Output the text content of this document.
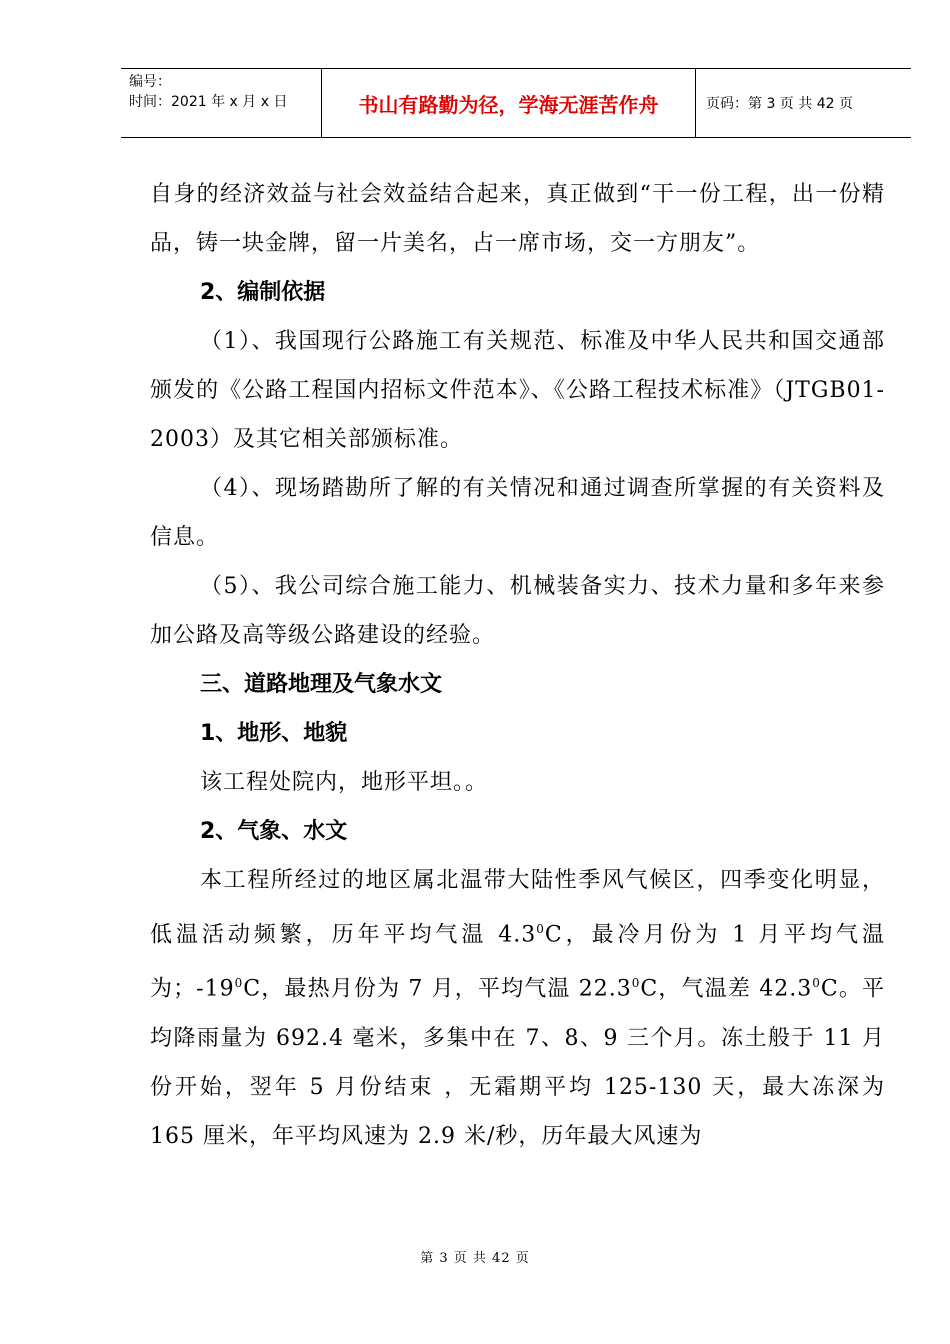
编号：
时间：2021 年 x 月 x 日	书山有路勤为径，学海无涯苦作舟	页码：第 3 页 共 42 页

自身的经济效益与社会效益结合起来，真正做到“干一份工程，出一份精品，铸一块金牌，留一片美名，占一席市场，交一方朋友”。

2、编制依据

（1）、我国现行公路施工有关规范、标准及中华人民共和国交通部颁发的《公路工程国内招标文件范本》、《公路工程技术标准》（JTGB01-2003）及其它相关部颁标准。

（4）、现场踏勘所了解的有关情况和通过调查所掌握的有关资料及信息。

（5）、我公司综合施工能力、机械装备实力、技术力量和多年来参加公路及高等级公路建设的经验。

三、道路地理及气象水文

1、地形、地貌

该工程处院内，地形平坦。。

2、气象、水文

本工程所经过的地区属北温带大陆性季风气候区，四季变化明显，低温活动频繁，历年平均气温 $4.3^0C$，最冷月份为 1 月平均气温为；$-19^0C$，最热月份为 7 月，平均气温 22.3$^0$C，气温差 42.3$^0$C。平均降雨量为 692.4 毫米，多集中在 7、8、9 三个月。冻土般于 11 月份开始，翌年 5 月份结束 ，无霜期平均 125-130 天，最大冻深为 165 厘米，年平均风速为 2.9 米/秒，历年最大风速为

第 3 页 共 42 页
